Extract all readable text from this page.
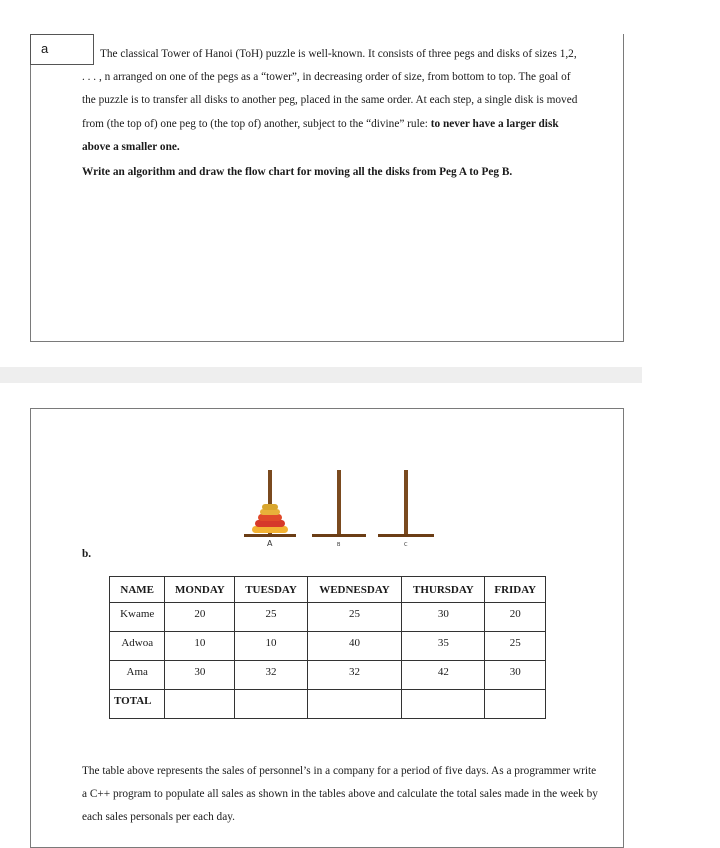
a	The classical Tower of Hanoi (ToH) puzzle is well-known. It consists of three pegs and disks of sizes 1,2, . . . , n arranged on one of the pegs as a “tower”, in decreasing order of size, from bottom to top. The goal of the puzzle is to transfer all disks to another peg, placed in the same order. At each step, a single disk is moved from (the top of) one peg to (the top of) another, subject to the “divine” rule: to never have a larger disk above a smaller one.

Write an algorithm and draw the flow chart for moving all the disks from Peg A to Peg B.

A	B	C
b.
NAME	MONDAY	TUESDAY	WEDNESDAY	THURSDAY	FRIDAY
Kwame	20	25	25	30	20
Adwoa	10	10	40	35	25
Ama	30	32	32	42	30
TOTAL					

The table above represents the sales of personnel’s in a company for a period of five days. As a programmer write a C++ program to populate all sales as shown in the tables above and calculate the total sales made in the week by each sales personals per each day.
